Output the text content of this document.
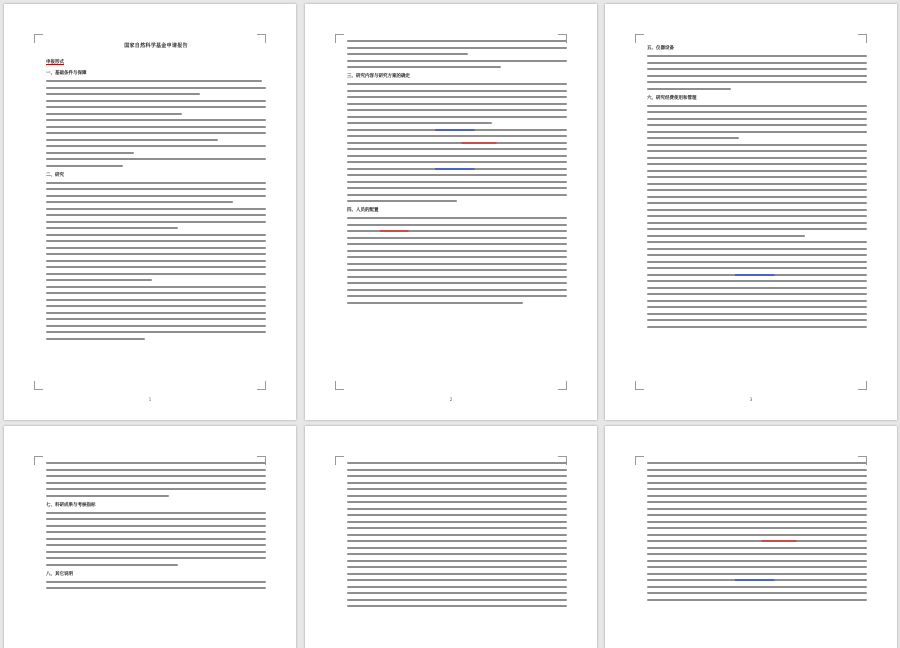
国家自然科学基金申请报告
申报形式
一、基础条件与保障
二、研究
1
三、研究内容与研究方案的确定
四、人员的配置
2
五、仪器设备
六、研究经费使用和管理
3
七、科研成果与考核指标
八、其它说明
